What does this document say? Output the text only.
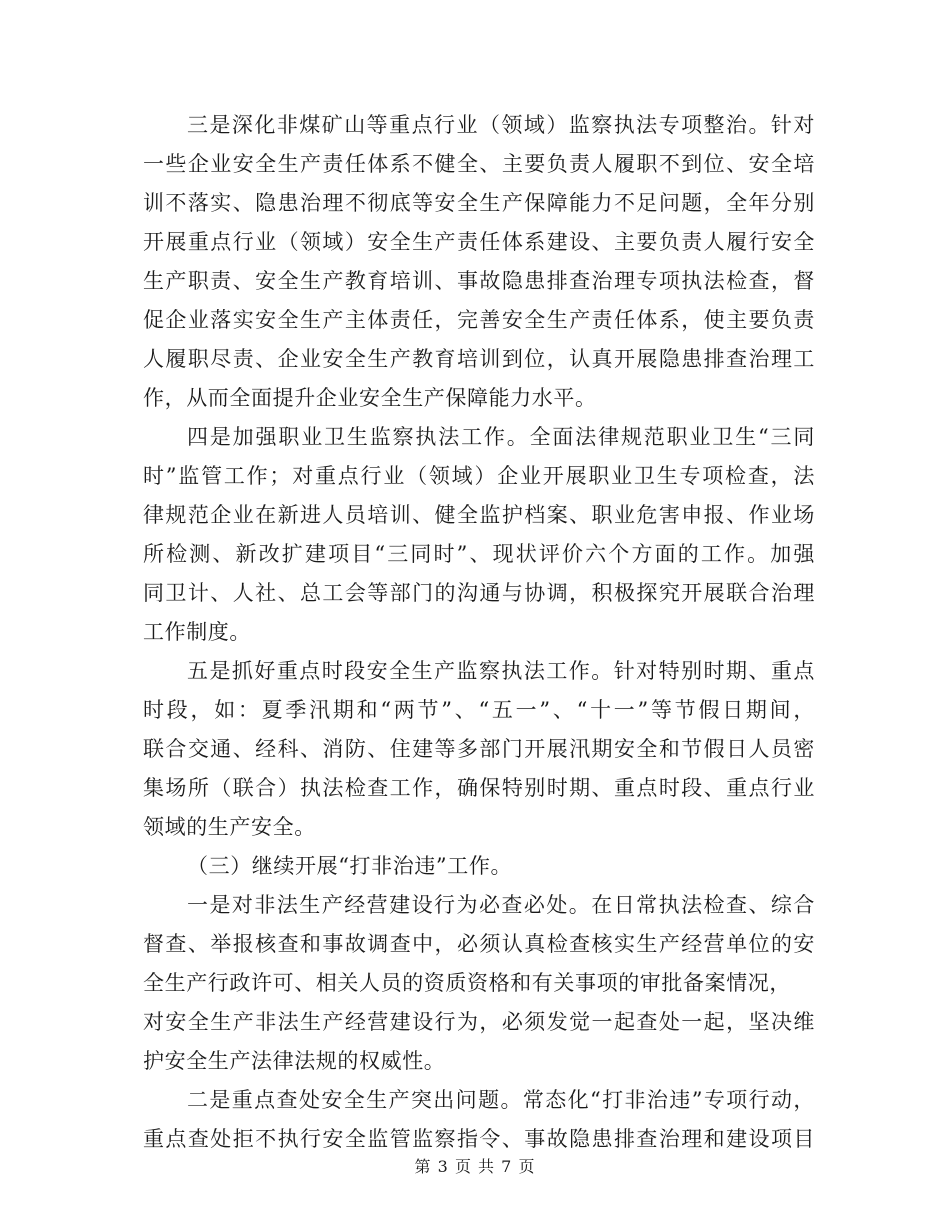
三是深化非煤矿山等重点行业（领域）监察执法专项整治。针对
一些企业安全生产责任体系不健全、主要负责人履职不到位、安全培
训不落实、隐患治理不彻底等安全生产保障能力不足问题，全年分别
开展重点行业（领域）安全生产责任体系建设、主要负责人履行安全
生产职责、安全生产教育培训、事故隐患排查治理专项执法检查，督
促企业落实安全生产主体责任，完善安全生产责任体系，使主要负责
人履职尽责、企业安全生产教育培训到位，认真开展隐患排查治理工
作，从而全面提升企业安全生产保障能力水平。
四是加强职业卫生监察执法工作。全面法律规范职业卫生“三同
时”监管工作；对重点行业（领域）企业开展职业卫生专项检查，法
律规范企业在新进人员培训、健全监护档案、职业危害申报、作业场
所检测、新改扩建项目“三同时”、现状评价六个方面的工作。加强
同卫计、人社、总工会等部门的沟通与协调，积极探究开展联合治理
工作制度。
五是抓好重点时段安全生产监察执法工作。针对特别时期、重点
时段，如：夏季汛期和“两节”、“五一”、“十一”等节假日期间，
联合交通、经科、消防、住建等多部门开展汛期安全和节假日人员密
集场所（联合）执法检查工作，确保特别时期、重点时段、重点行业
领域的生产安全。
（三）继续开展“打非治违”工作。
一是对非法生产经营建设行为必查必处。在日常执法检查、综合
督查、举报核查和事故调查中，必须认真检查核实生产经营单位的安
全生产行政许可、相关人员的资质资格和有关事项的审批备案情况，
对安全生产非法生产经营建设行为，必须发觉一起查处一起，坚决维
护安全生产法律法规的权威性。
二是重点查处安全生产突出问题。常态化“打非治违”专项行动，
重点查处拒不执行安全监管监察指令、事故隐患排查治理和建设项目
第 3 页 共 7 页
